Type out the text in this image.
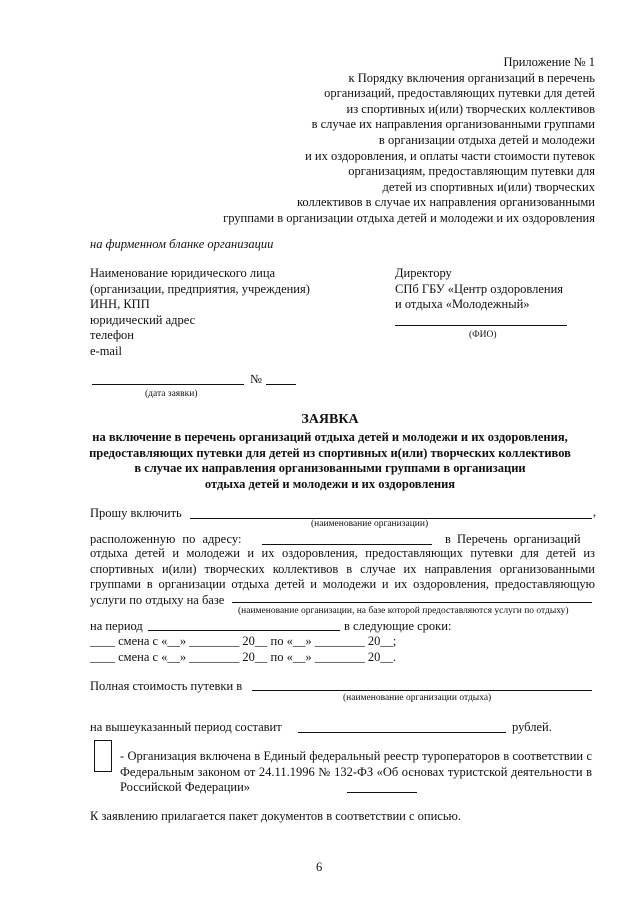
Приложение № 1
к Порядку включения организаций в перечень
организаций, предоставляющих путевки для детей
из спортивных и(или) творческих коллективов
в случае их направления организованными группами
в организации отдыха детей и молодежи
и их оздоровления, и оплаты части стоимости путевок
организациям, предоставляющим путевки для
детей из спортивных и(или) творческих
коллективов в случае их направления организованными
группами в организации отдыха детей и молодежи и их оздоровления
на фирменном бланке организации
Наименование юридического лица
(организации, предприятия, учреждения)
ИНН, КПП
юридический адрес
телефон
e-mail
Директору
СПб ГБУ «Центр оздоровления
и отдыха «Молодежный»
(ФИО)
№
(дата заявки)
ЗАЯВКА
на включение в перечень организаций отдыха детей и молодежи и их оздоровления,
предоставляющих путевки для детей из спортивных и(или) творческих коллективов
в случае их направления организованными группами в организации
отдыха детей и молодежи и их оздоровления
Прошу включить	,
(наименование организации)
расположенную по адресу:	в Перечень организаций
отдыха детей и молодежи и их оздоровления, предоставляющих путевки для детей из спортивных и(или) творческих коллективов в случае их направления организованными группами в организации отдыха детей и молодежи и их оздоровления, предоставляющую услуги по отдыху на базе
(наименование организации, на базе которой предоставляются услуги по отдыху)
на период	в следующие сроки:
____ смена с «__» ________ 20__ по «__» ________ 20__;
____ смена с «__» ________ 20__ по «__» ________ 20__.
Полная стоимость путевки в
(наименование организации отдыха)
на вышеуказанный период составит	рублей.
- Организация включена в Единый федеральный реестр туроператоров в соответствии с Федеральным законом от 24.11.1996 № 132-ФЗ «Об основах туристской деятельности в Российской Федерации»
К заявлению прилагается пакет документов в соответствии с описью.
6
